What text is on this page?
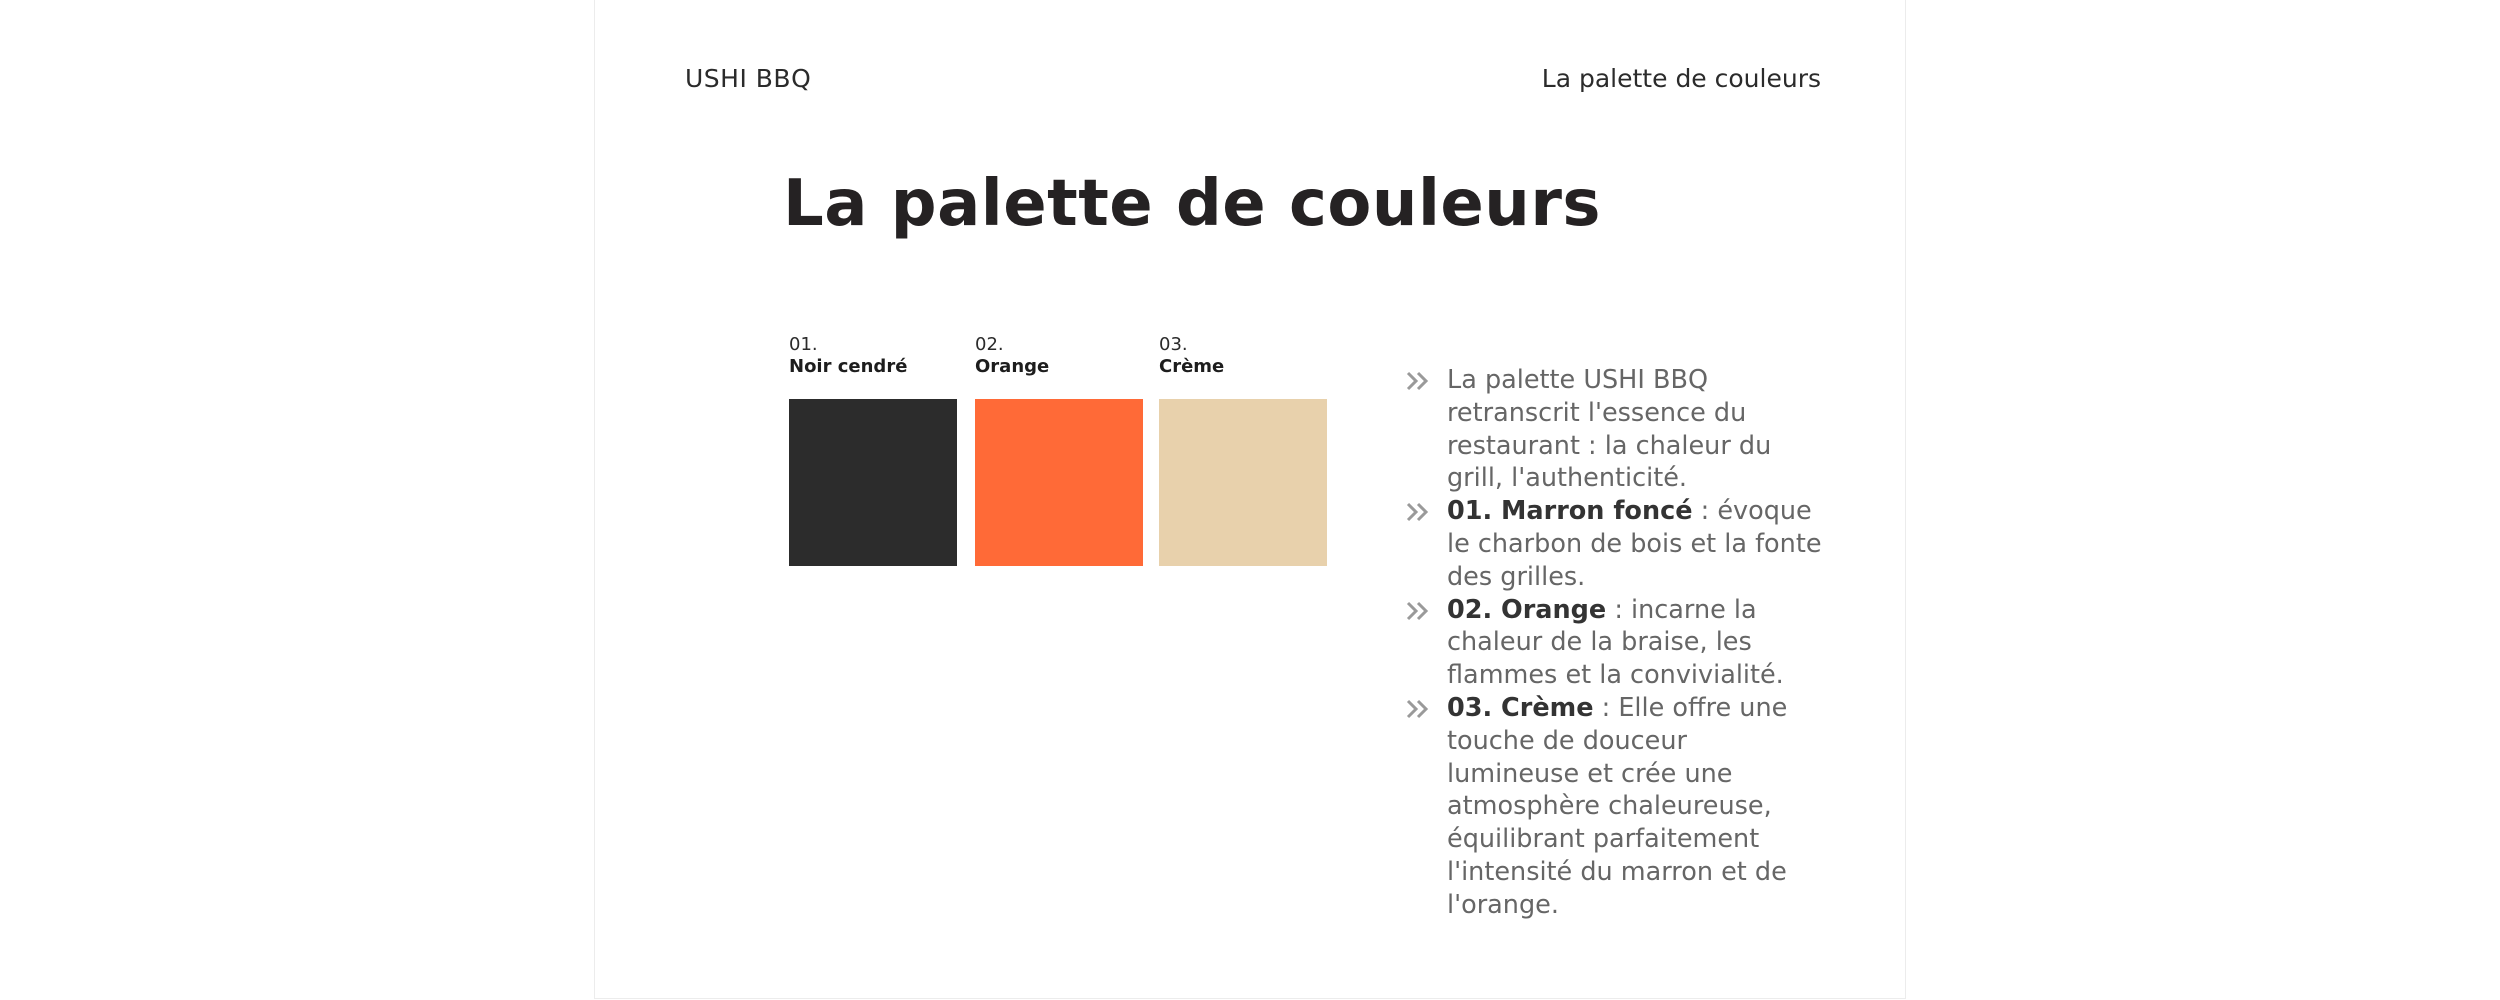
USHI BBQ	La palette de couleurs
La palette de couleurs
01.
Noir cendré
02.
Orange
03.
Crème	La palette USHI BBQ retranscrit l'essence du restaurant : la chaleur du grill, l'authenticité.
01. Marron foncé : évoque le charbon de bois et la fonte des grilles.
02. Orange : incarne la chaleur de la braise, les flammes et la convivialité.
03. Crème : Elle offre une touche de douceur lumineuse et crée une atmosphère chaleureuse, équilibrant parfaitement l'intensité du marron et de l'orange.
